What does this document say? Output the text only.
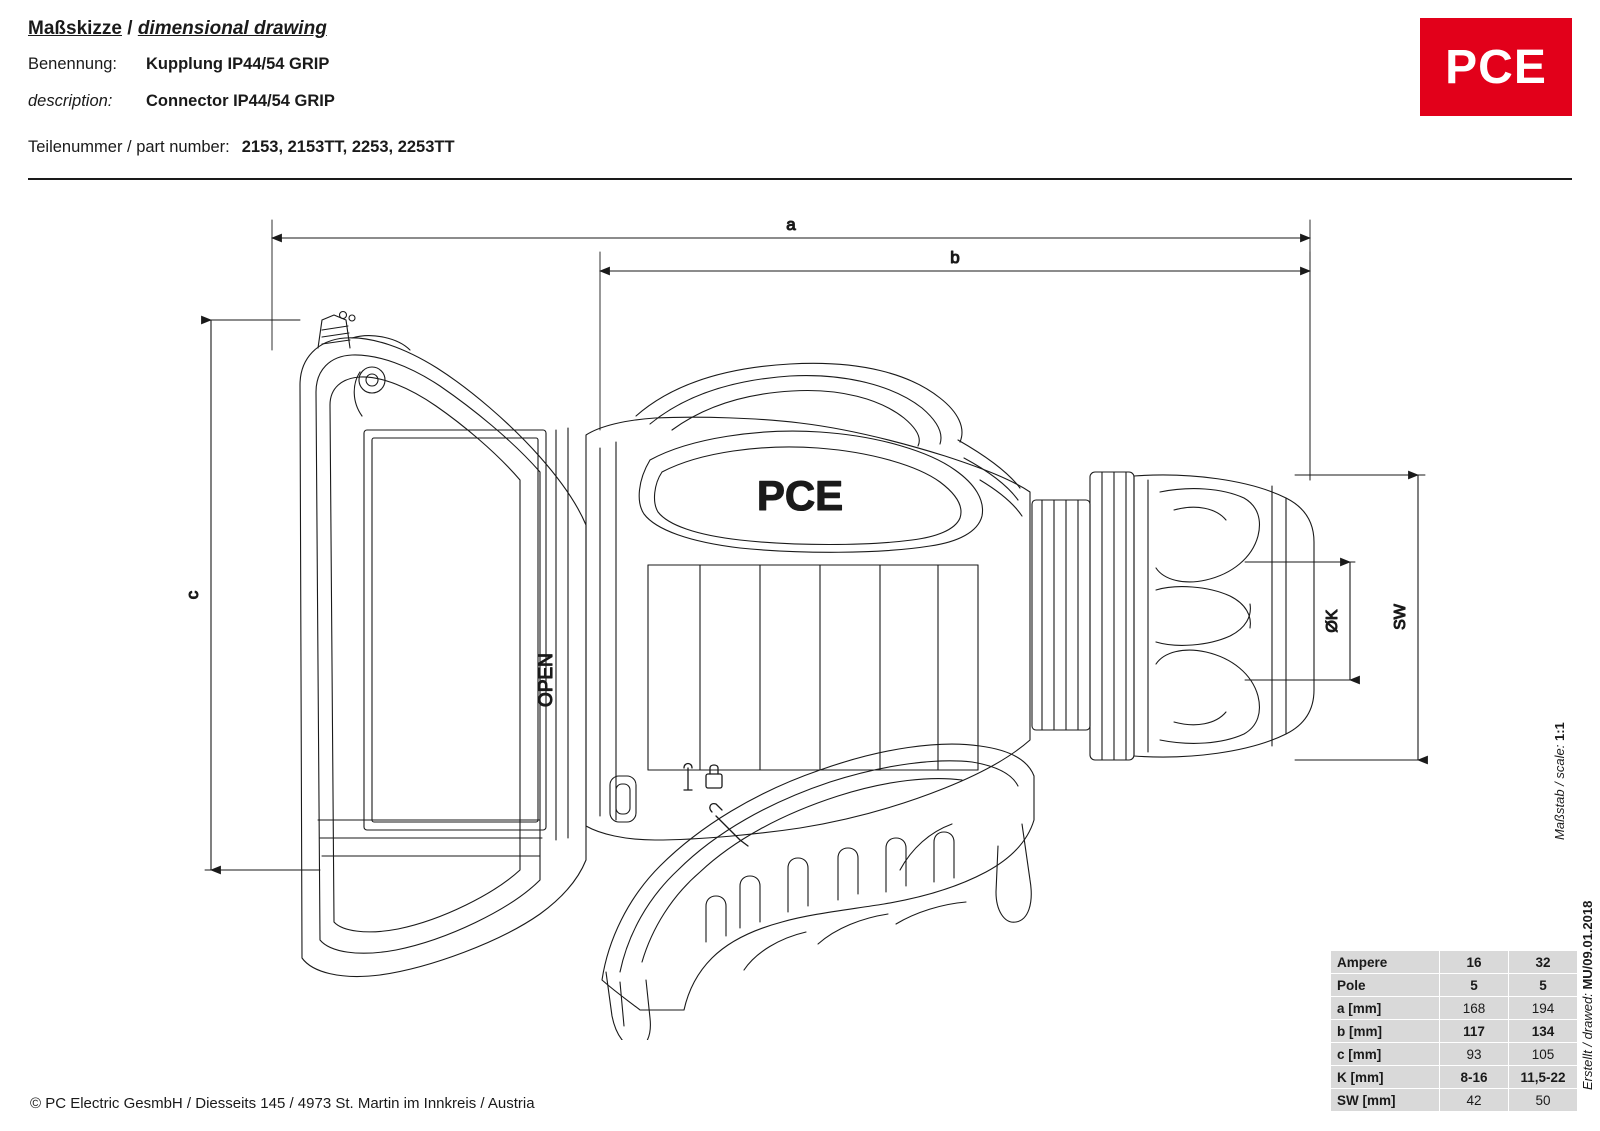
Maßskizze / dimensional drawing
Benennung: Kupplung IP44/54 GRIP
description: Connector IP44/54 GRIP
Teilenummer / part number: 2153, 2153TT, 2253, 2253TT
PCE
a
b
c
SW
ØK
OPEN
PCE
Maßstab / scale: 1:1
Erstellt / drawed: MU/09.01.2018
Ampere	16	32
Pole	5	5
a [mm]	168	194
b [mm]	117	134
c [mm]	93	105
K [mm]	8-16	11,5-22
SW [mm]	42	50
© PC Electric GesmbH / Diesseits 145 / 4973 St. Martin im Innkreis / Austria
